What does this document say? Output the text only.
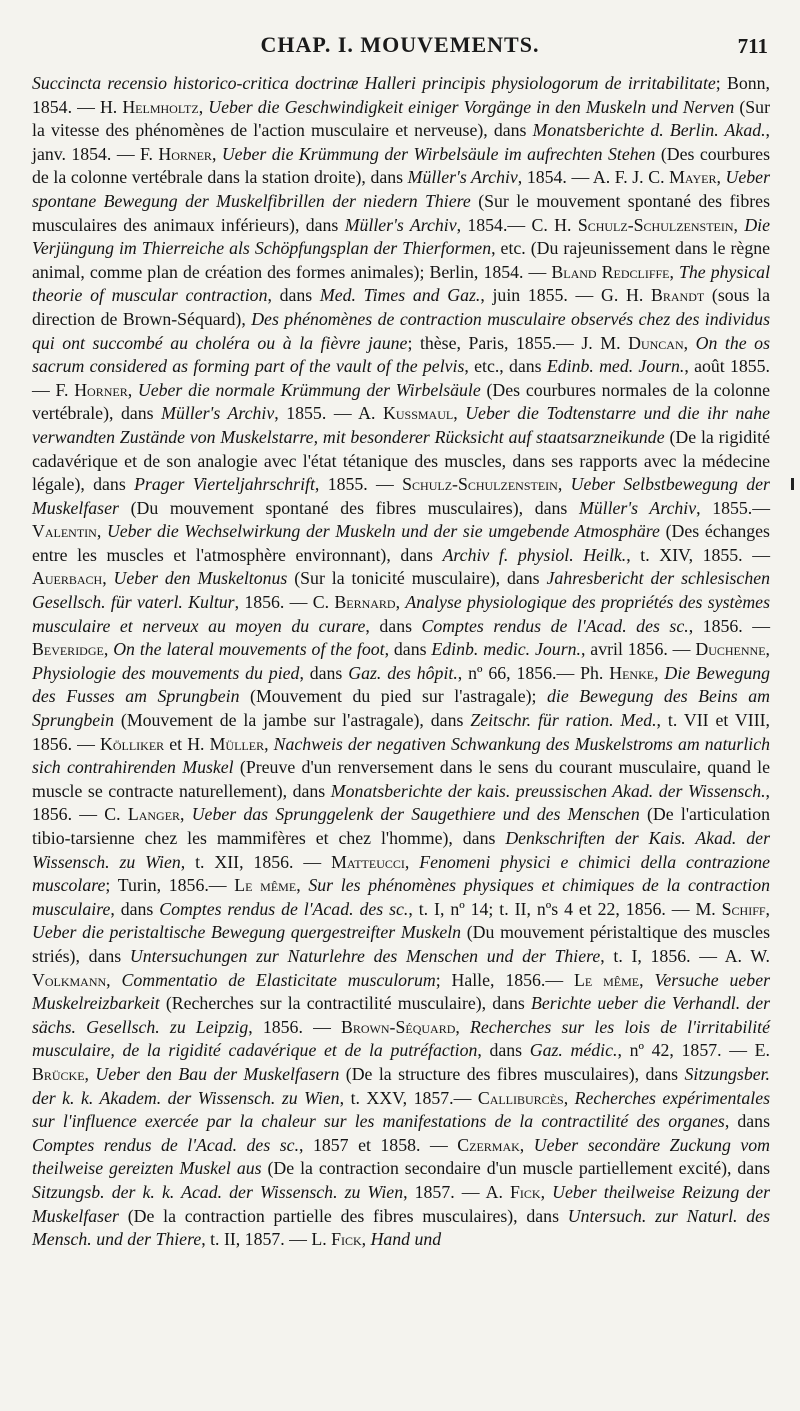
CHAP. I. MOUVEMENTS.	711

Succincta recensio historico-critica doctrinæ Halleri principis physiologorum de irritabilitate; Bonn, 1854. — H. Helmholtz, Ueber die Geschwindigkeit einiger Vorgänge in den Muskeln und Nerven (Sur la vitesse des phénomènes de l'action musculaire et nerveuse), dans Monatsberichte d. Berlin. Akad., janv. 1854. — F. Horner, Ueber die Krümmung der Wirbelsäule im aufrechten Stehen (Des courbures de la colonne vertébrale dans la station droite), dans Müller's Archiv, 1854. — A. F. J. C. Mayer, Ueber spontane Bewegung der Muskelfibrillen der niedern Thiere (Sur le mouvement spontané des fibres musculaires des animaux inférieurs), dans Müller's Archiv, 1854.— C. H. Schulz-Schulzenstein, Die Verjüngung im Thierreiche als Schöpfungsplan der Thierformen, etc. (Du rajeunissement dans le règne animal, comme plan de création des formes animales); Berlin, 1854. — Bland Redcliffe, The physical theorie of muscular contraction, dans Med. Times and Gaz., juin 1855. — G. H. Brandt (sous la direction de Brown-Séquard), Des phénomènes de contraction musculaire observés chez des individus qui ont succombé au choléra ou à la fièvre jaune; thèse, Paris, 1855.— J. M. Duncan, On the os sacrum considered as forming part of the vault of the pelvis, etc., dans Edinb. med. Journ., août 1855.— F. Horner, Ueber die normale Krümmung der Wirbelsäule (Des courbures normales de la colonne vertébrale), dans Müller's Archiv, 1855. — A. Kussmaul, Ueber die Todtenstarre und die ihr nahe verwandten Zustände von Muskelstarre, mit besonderer Rücksicht auf staatsarzneikunde (De la rigidité cadavérique et de son analogie avec l'état tétanique des muscles, dans ses rapports avec la médecine légale), dans Prager Vierteljahrschrift, 1855. — Schulz-Schulzenstein, Ueber Selbstbewegung der Muskelfaser (Du mouvement spontané des fibres musculaires), dans Müller's Archiv, 1855.— Valentin, Ueber die Wechselwirkung der Muskeln und der sie umgebende Atmosphäre (Des échanges entre les muscles et l'atmosphère environnant), dans Archiv f. physiol. Heilk., t. XIV, 1855. — Auerbach, Ueber den Muskeltonus (Sur la tonicité musculaire), dans Jahresbericht der schlesischen Gesellsch. für vaterl. Kultur, 1856. — C. Bernard, Analyse physiologique des propriétés des systèmes musculaire et nerveux au moyen du curare, dans Comptes rendus de l'Acad. des sc., 1856. — Beveridge, On the lateral mouvements of the foot, dans Edinb. medic. Journ., avril 1856. — Duchenne, Physiologie des mouvements du pied, dans Gaz. des hôpit., nº 66, 1856.— Ph. Henke, Die Bewegung des Fusses am Sprungbein (Mouvement du pied sur l'astragale); die Bewegung des Beins am Sprungbein (Mouvement de la jambe sur l'astragale), dans Zeitschr. für ration. Med., t. VII et VIII, 1856. — Kölliker et H. Müller, Nachweis der negativen Schwankung des Muskelstroms am naturlich sich contrahirenden Muskel (Preuve d'un renversement dans le sens du courant musculaire, quand le muscle se contracte naturellement), dans Monatsberichte der kais. preussischen Akad. der Wissensch., 1856. — C. Langer, Ueber das Sprunggelenk der Saugethiere und des Menschen (De l'articulation tibio-tarsienne chez les mammifères et chez l'homme), dans Denkschriften der Kais. Akad. der Wissensch. zu Wien, t. XII, 1856. — Matteucci, Fenomeni physici e chimici della contrazione muscolare; Turin, 1856.— Le même, Sur les phénomènes physiques et chimiques de la contraction musculaire, dans Comptes rendus de l'Acad. des sc., t. I, nº 14; t. II, nºs 4 et 22, 1856. — M. Schiff, Ueber die peristaltische Bewegung quergestreifter Muskeln (Du mouvement péristaltique des muscles striés), dans Untersuchungen zur Naturlehre des Menschen und der Thiere, t. I, 1856. — A. W. Volkmann, Commentatio de Elasticitate musculorum; Halle, 1856.— Le même, Versuche ueber Muskelreizbarkeit (Recherches sur la contractilité musculaire), dans Berichte ueber die Verhandl. der sächs. Gesellsch. zu Leipzig, 1856. — Brown-Séquard, Recherches sur les lois de l'irritabilité musculaire, de la rigidité cadavérique et de la putréfaction, dans Gaz. médic., nº 42, 1857. — E. Brücke, Ueber den Bau der Muskelfasern (De la structure des fibres musculaires), dans Sitzungsber. der k. k. Akadem. der Wissensch. zu Wien, t. XXV, 1857.— Calliburcès, Recherches expérimentales sur l'influence exercée par la chaleur sur les manifestations de la contractilité des organes, dans Comptes rendus de l'Acad. des sc., 1857 et 1858. — Czermak, Ueber secondäre Zuckung vom theilweise gereizten Muskel aus (De la contraction secondaire d'un muscle partiellement excité), dans Sitzungsb. der k. k. Acad. der Wissensch. zu Wien, 1857. — A. Fick, Ueber theilweise Reizung der Muskelfaser (De la contraction partielle des fibres musculaires), dans Untersuch. zur Naturl. des Mensch. und der Thiere, t. II, 1857. — L. Fick, Hand und
